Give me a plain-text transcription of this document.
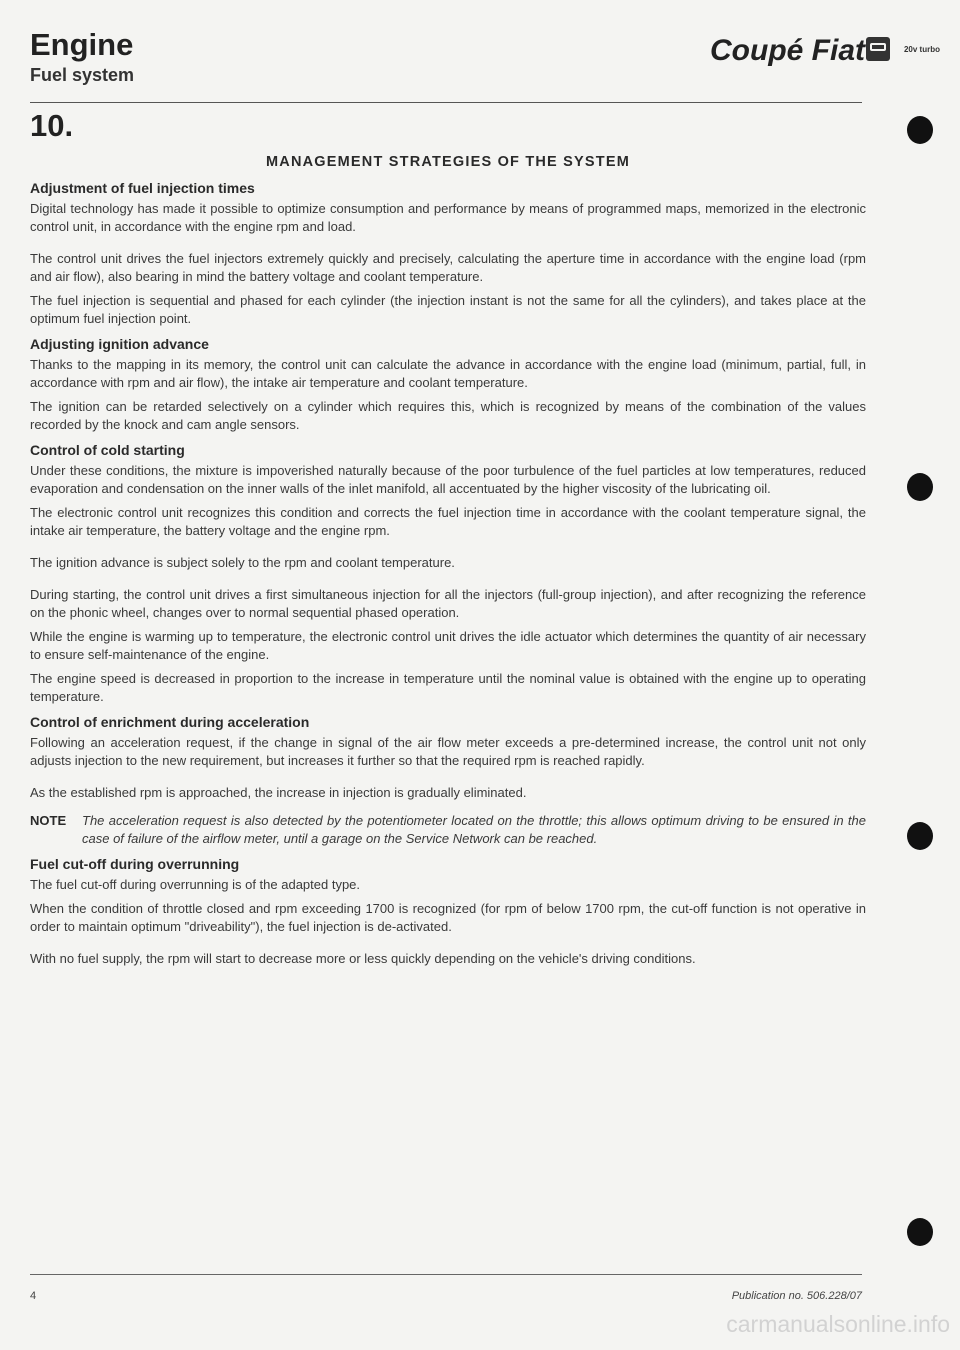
Engine
Fuel system
Coupé Fiat	20v turbo
10.
MANAGEMENT STRATEGIES OF THE SYSTEM
Adjustment of fuel injection times

Digital technology has made it possible to optimize consumption and performance by means of programmed maps, memorized in the electronic control unit, in accordance with the engine rpm and load.

The control unit drives the fuel injectors extremely quickly and precisely, calculating the aperture time in accordance with the engine load (rpm and air flow), also bearing in mind the battery voltage and coolant temperature.

The fuel injection is sequential and phased for each cylinder (the injection instant is not the same for all the cylinders), and takes place at the optimum fuel injection point.

Adjusting ignition advance

Thanks to the mapping in its memory, the control unit can calculate the advance in accordance with the engine load (minimum, partial, full, in accordance with rpm and air flow), the intake air temperature and coolant temperature.

The ignition can be retarded selectively on a cylinder which requires this, which is recognized by means of the combination of the values recorded by the knock and cam angle sensors.

Control of cold starting

Under these conditions, the mixture is impoverished naturally because of the poor turbulence of the fuel particles at low temperatures, reduced evaporation and condensation on the inner walls of the inlet manifold, all accentuated by the higher viscosity of the lubricating oil.

The electronic control unit recognizes this condition and corrects the fuel injection time in accordance with the coolant temperature signal, the intake air temperature, the battery voltage and the engine rpm.

The ignition advance is subject solely to the rpm and coolant temperature.

During starting, the control unit drives a first simultaneous injection for all the injectors (full-group injection), and after recognizing the reference on the phonic wheel, changes over to normal sequential phased operation.

While the engine is warming up to temperature, the electronic control unit drives the idle actuator which determines the quantity of air necessary to ensure self-maintenance of the engine.

The engine speed is decreased in proportion to the increase in temperature until the nominal value is obtained with the engine up to operating temperature.

Control of enrichment during acceleration

Following an acceleration request, if the change in signal of the air flow meter exceeds a pre-determined increase, the control unit not only adjusts injection to the new requirement, but increases it further so that the required rpm is reached rapidly.

As the established rpm is approached, the increase in injection is gradually eliminated.

NOTE	The acceleration request is also detected by the potentiometer located on the throttle; this allows optimum driving to be ensured in the case of failure of the airflow meter, until a garage on the Service Network can be reached.
Fuel cut-off during overrunning

The fuel cut-off during overrunning is of the adapted type.

When the condition of throttle closed and rpm exceeding 1700 is recognized (for rpm of below 1700 rpm, the cut-off function is not operative in order to maintain optimum "driveability"), the fuel injection is de-activated.

With no fuel supply, the rpm will start to decrease more or less quickly depending on the vehicle's driving conditions.

4	Publication no. 506.228/07
carmanualsonline.info
